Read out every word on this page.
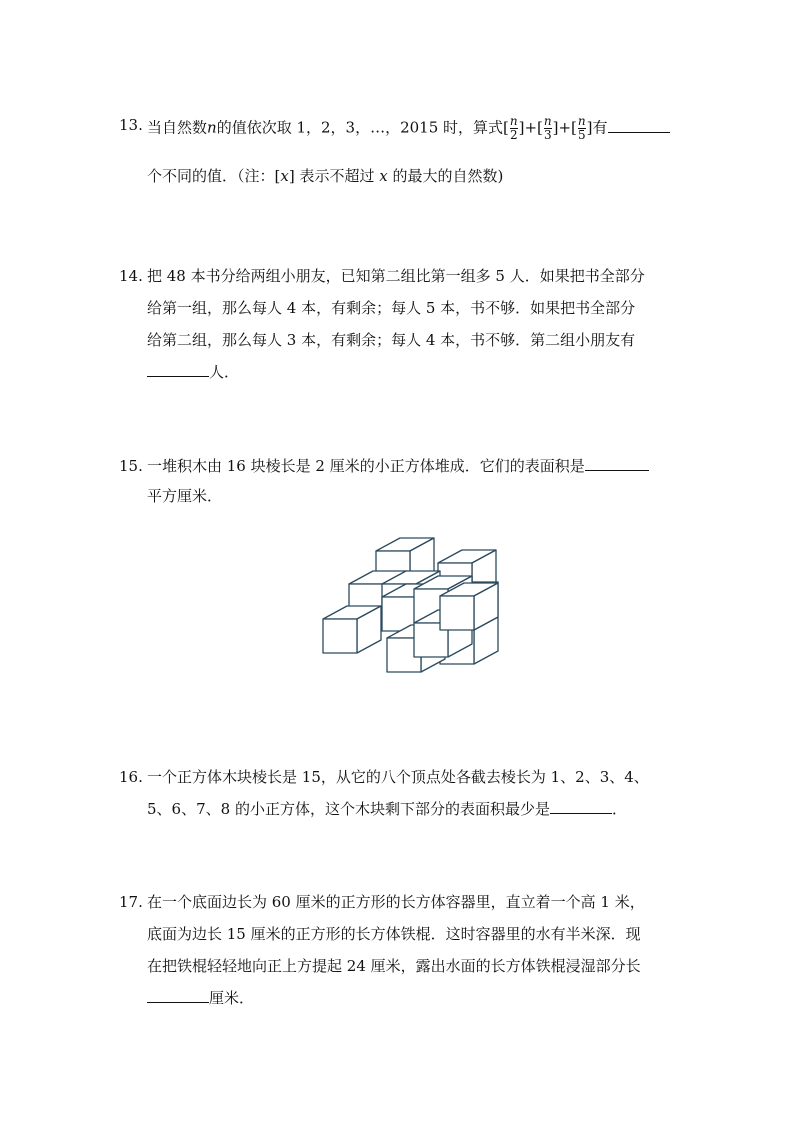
13. 当自然数n的值依次取 1，2，3，…，2015 时，算式[ $\frac{n}{2}$ ]+[ $\frac{n}{3}$ ]+[ $\frac{n}{5}$ ]有
个不同的值．（注：[x] 表示不超过 x 的最大的自然数)
14. 把 48 本书分给两组小朋友，已知第二组比第一组多 5 人．如果把书全部分
给第一组，那么每人 4 本，有剩余；每人 5 本，书不够．如果把书全部分
给第二组，那么每人 3 本，有剩余；每人 4 本，书不够．第二组小朋友有
人．
15. 一堆积木由 16 块棱长是 2 厘米的小正方体堆成．它们的表面积是
平方厘米．
16. 一个正方体木块棱长是 15，从它的八个顶点处各截去棱长为 1、2、3、4、
5、6、7、8 的小正方体，这个木块剩下部分的表面积最少是	．
17. 在一个底面边长为 60 厘米的正方形的长方体容器里，直立着一个高 1 米，
底面为边长 15 厘米的正方形的长方体铁棍．这时容器里的水有半米深．现
在把铁棍轻轻地向正上方提起 24 厘米，露出水面的长方体铁棍浸湿部分长
厘米．
